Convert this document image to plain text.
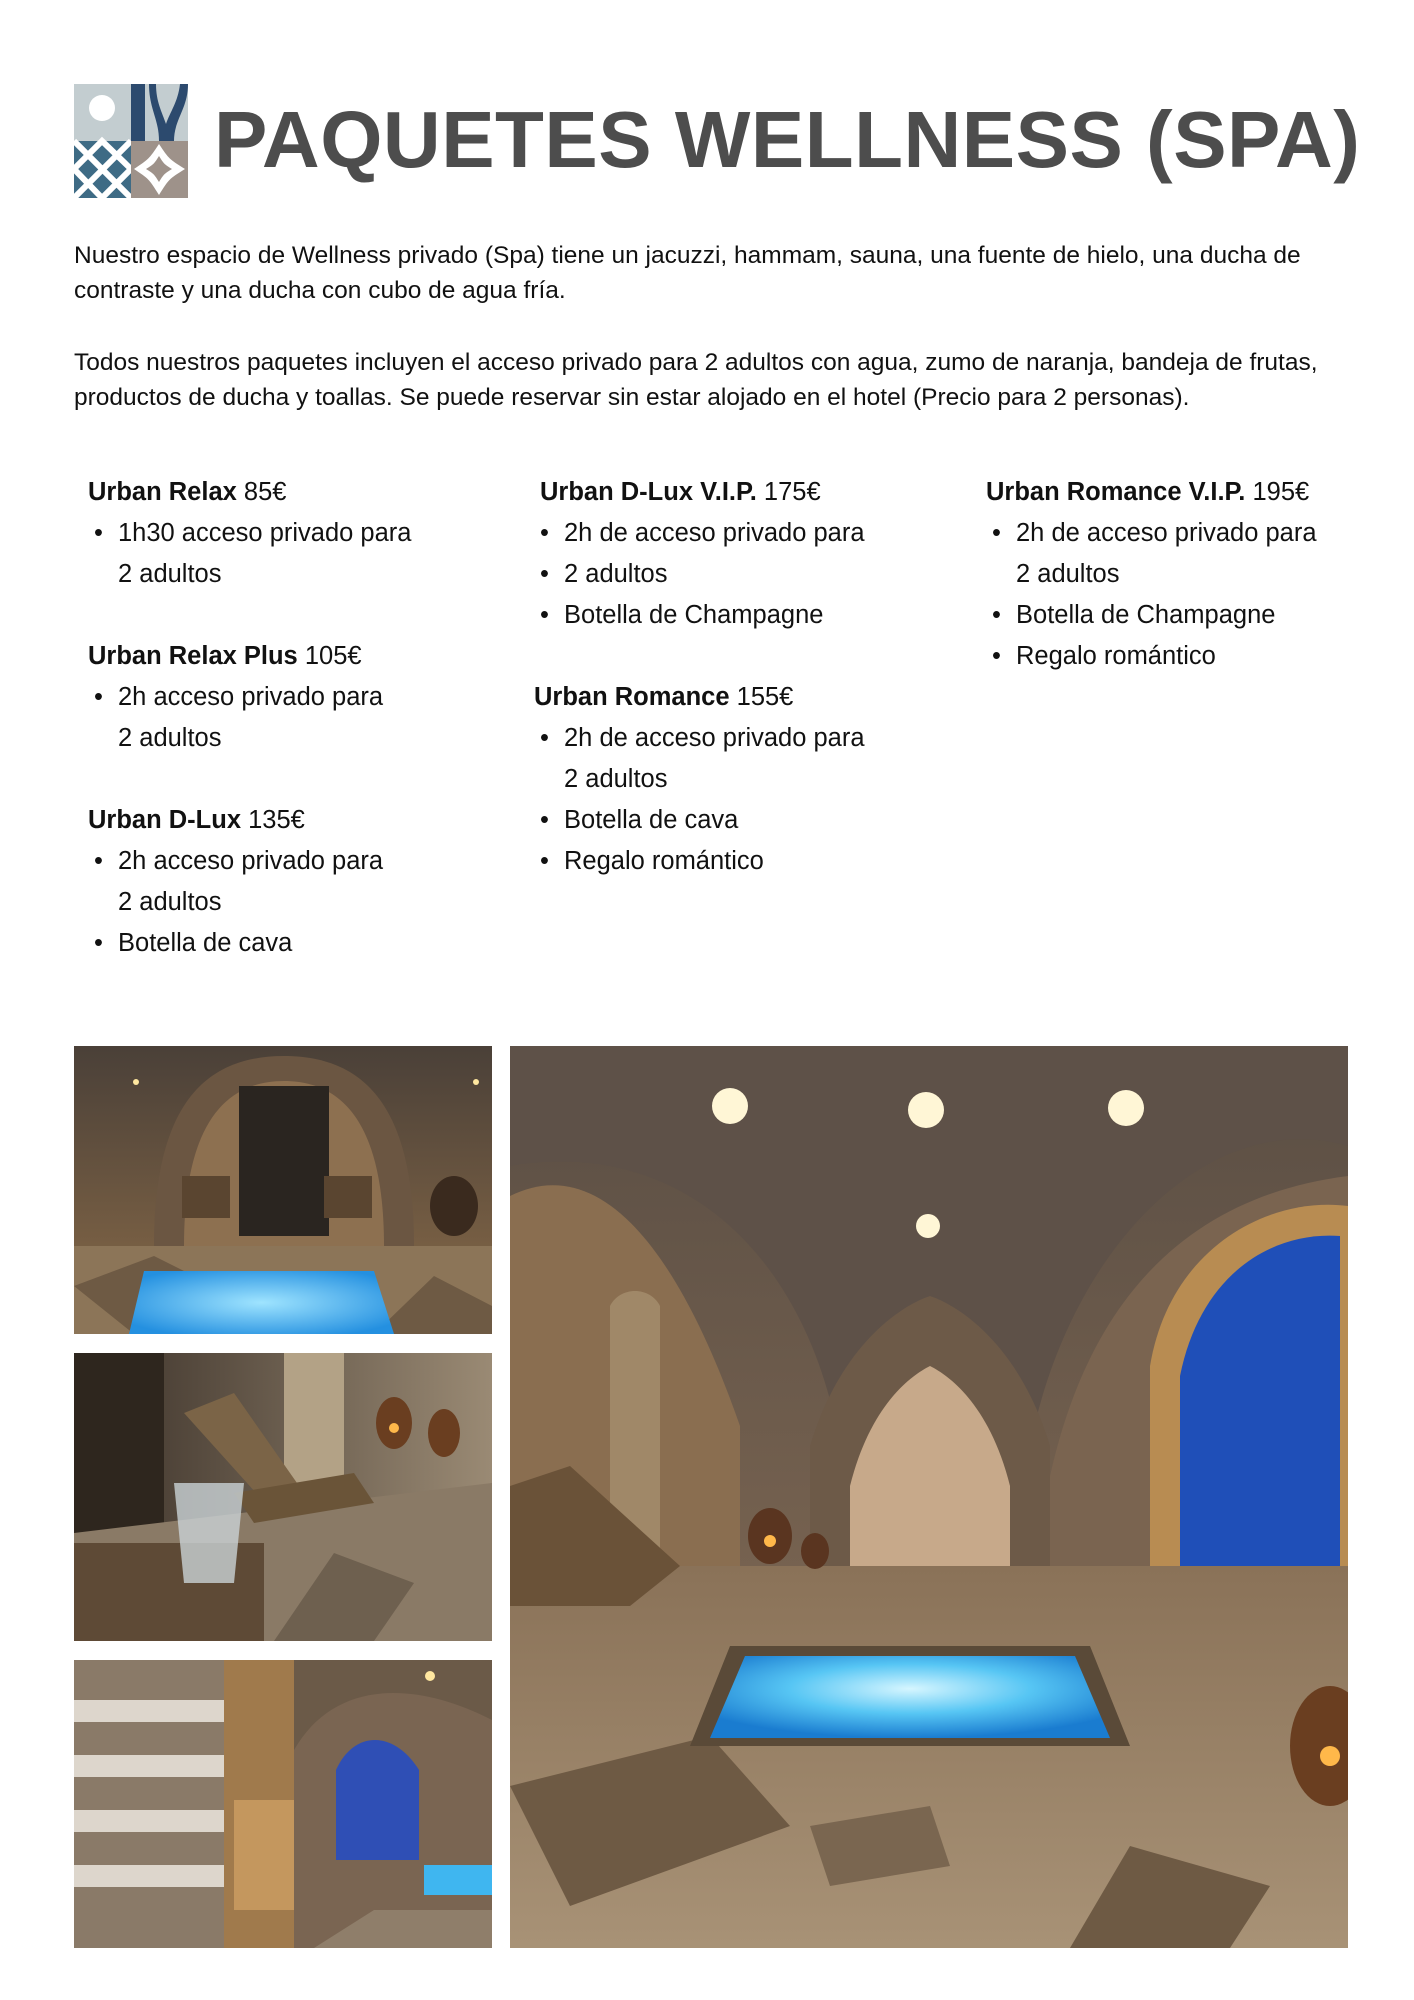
PAQUETES WELLNESS (SPA)

Nuestro espacio de Wellness privado (Spa) tiene un jacuzzi, hammam, sauna, una fuente de hielo, una ducha de contraste y una ducha con cubo de agua fría.

Todos nuestros paquetes incluyen el acceso privado para 2 adultos con agua, zumo de naranja, bandeja de frutas, productos de ducha y toallas. Se puede reservar sin estar alojado en el hotel (Precio para 2 personas).

Urban Relax 85€

• 1h30 acceso privado para
2 adultos

Urban Relax Plus 105€

• 2h acceso privado para
2 adultos

Urban D-Lux 135€

• 2h acceso privado para
2 adultos
• Botella de cava

Urban D-Lux V.I.P. 175€

• 2h de acceso privado para
• 2 adultos
• Botella de Champagne

Urban Romance 155€

• 2h de acceso privado para
2 adultos
• Botella de cava
• Regalo romántico

Urban Romance V.I.P. 195€

• 2h de acceso privado para
2 adultos
• Botella de Champagne
• Regalo romántico
